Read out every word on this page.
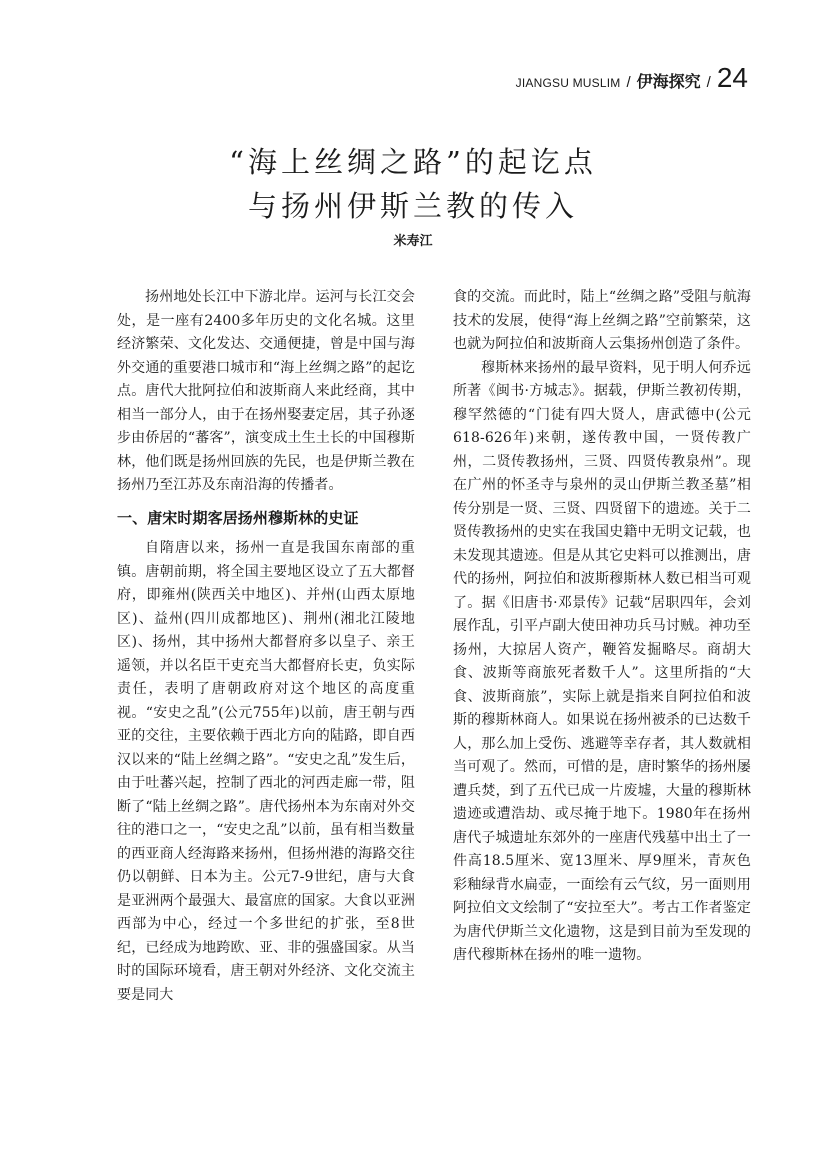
JIANGSU MUSLIM / 伊海探究 / 24
“海上丝绸之路”的起讫点
与扬州伊斯兰教的传入
米寿江

扬州地处长江中下游北岸。运河与长江交会处，是一座有2400多年历史的文化名城。这里经济繁荣、文化发达、交通便捷，曾是中国与海外交通的重要港口城市和“海上丝绸之路”的起讫点。唐代大批阿拉伯和波斯商人来此经商，其中相当一部分人，由于在扬州娶妻定居，其子孙逐步由侨居的“蕃客”，演变成土生土长的中国穆斯林，他们既是扬州回族的先民，也是伊斯兰教在扬州乃至江苏及东南沿海的传播者。

一、唐宋时期客居扬州穆斯林的史证

自隋唐以来，扬州一直是我国东南部的重镇。唐朝前期，将全国主要地区设立了五大都督府，即雍州(陕西关中地区)、并州(山西太原地区)、益州(四川成都地区)、荆州(湘北江陵地区)、扬州，其中扬州大都督府多以皇子、亲王遥领，并以名臣干吏充当大都督府长吏，负实际责任，表明了唐朝政府对这个地区的高度重视。“安史之乱”(公元755年)以前，唐王朝与西亚的交往，主要依赖于西北方向的陆路，即自西汉以来的“陆上丝绸之路”。“安史之乱”发生后，由于吐蕃兴起，控制了西北的河西走廊一带，阻断了“陆上丝绸之路”。唐代扬州本为东南对外交往的港口之一，“安史之乱”以前，虽有相当数量的西亚商人经海路来扬州，但扬州港的海路交往仍以朝鲜、日本为主。公元7-9世纪，唐与大食是亚洲两个最强大、最富庶的国家。大食以亚洲西部为中心，经过一个多世纪的扩张，至8世纪，已经成为地跨欧、亚、非的强盛国家。从当时的国际环境看，唐王朝对外经济、文化交流主要是同大

食的交流。而此时，陆上“丝绸之路”受阻与航海技术的发展，使得“海上丝绸之路”空前繁荣，这也就为阿拉伯和波斯商人云集扬州创造了条件。

穆斯林来扬州的最早资料，见于明人何乔远所著《闽书·方城志》。据载，伊斯兰教初传期，穆罕然德的“门徒有四大贤人，唐武德中(公元618-626年)来朝，遂传教中国，一贤传教广州，二贤传教扬州，三贤、四贤传教泉州”。现在广州的怀圣寺与泉州的灵山伊斯兰教圣墓”相传分别是一贤、三贤、四贤留下的遗迹。关于二贤传教扬州的史实在我国史籍中无明文记载，也未发现其遗迹。但是从其它史料可以推测出，唐代的扬州，阿拉伯和波斯穆斯林人数已相当可观了。据《旧唐书·邓景传》记载“居职四年，会刘展作乱，引平卢副大使田神功兵马讨贼。神功至扬州，大掠居人资产，鞭笞发掘略尽。商胡大食、波斯等商旅死者数千人”。这里所指的“大食、波斯商旅”，实际上就是指来自阿拉伯和波斯的穆斯林商人。如果说在扬州被杀的已达数千人，那么加上受伤、逃避等幸存者，其人数就相当可观了。然而，可惜的是，唐时繁华的扬州屡遭兵焚，到了五代已成一片废墟，大量的穆斯林遗迹或遭浩劫、或尽掩于地下。1980年在扬州唐代子城遗址东郊外的一座唐代残墓中出土了一件高18.5厘米、宽13厘米、厚9厘米，青灰色彩釉绿背水扁壶，一面绘有云气纹，另一面则用阿拉伯文文绘制了“安拉至大”。考古工作者鉴定为唐代伊斯兰文化遗物，这是到目前为至发现的唐代穆斯林在扬州的唯一遗物。
